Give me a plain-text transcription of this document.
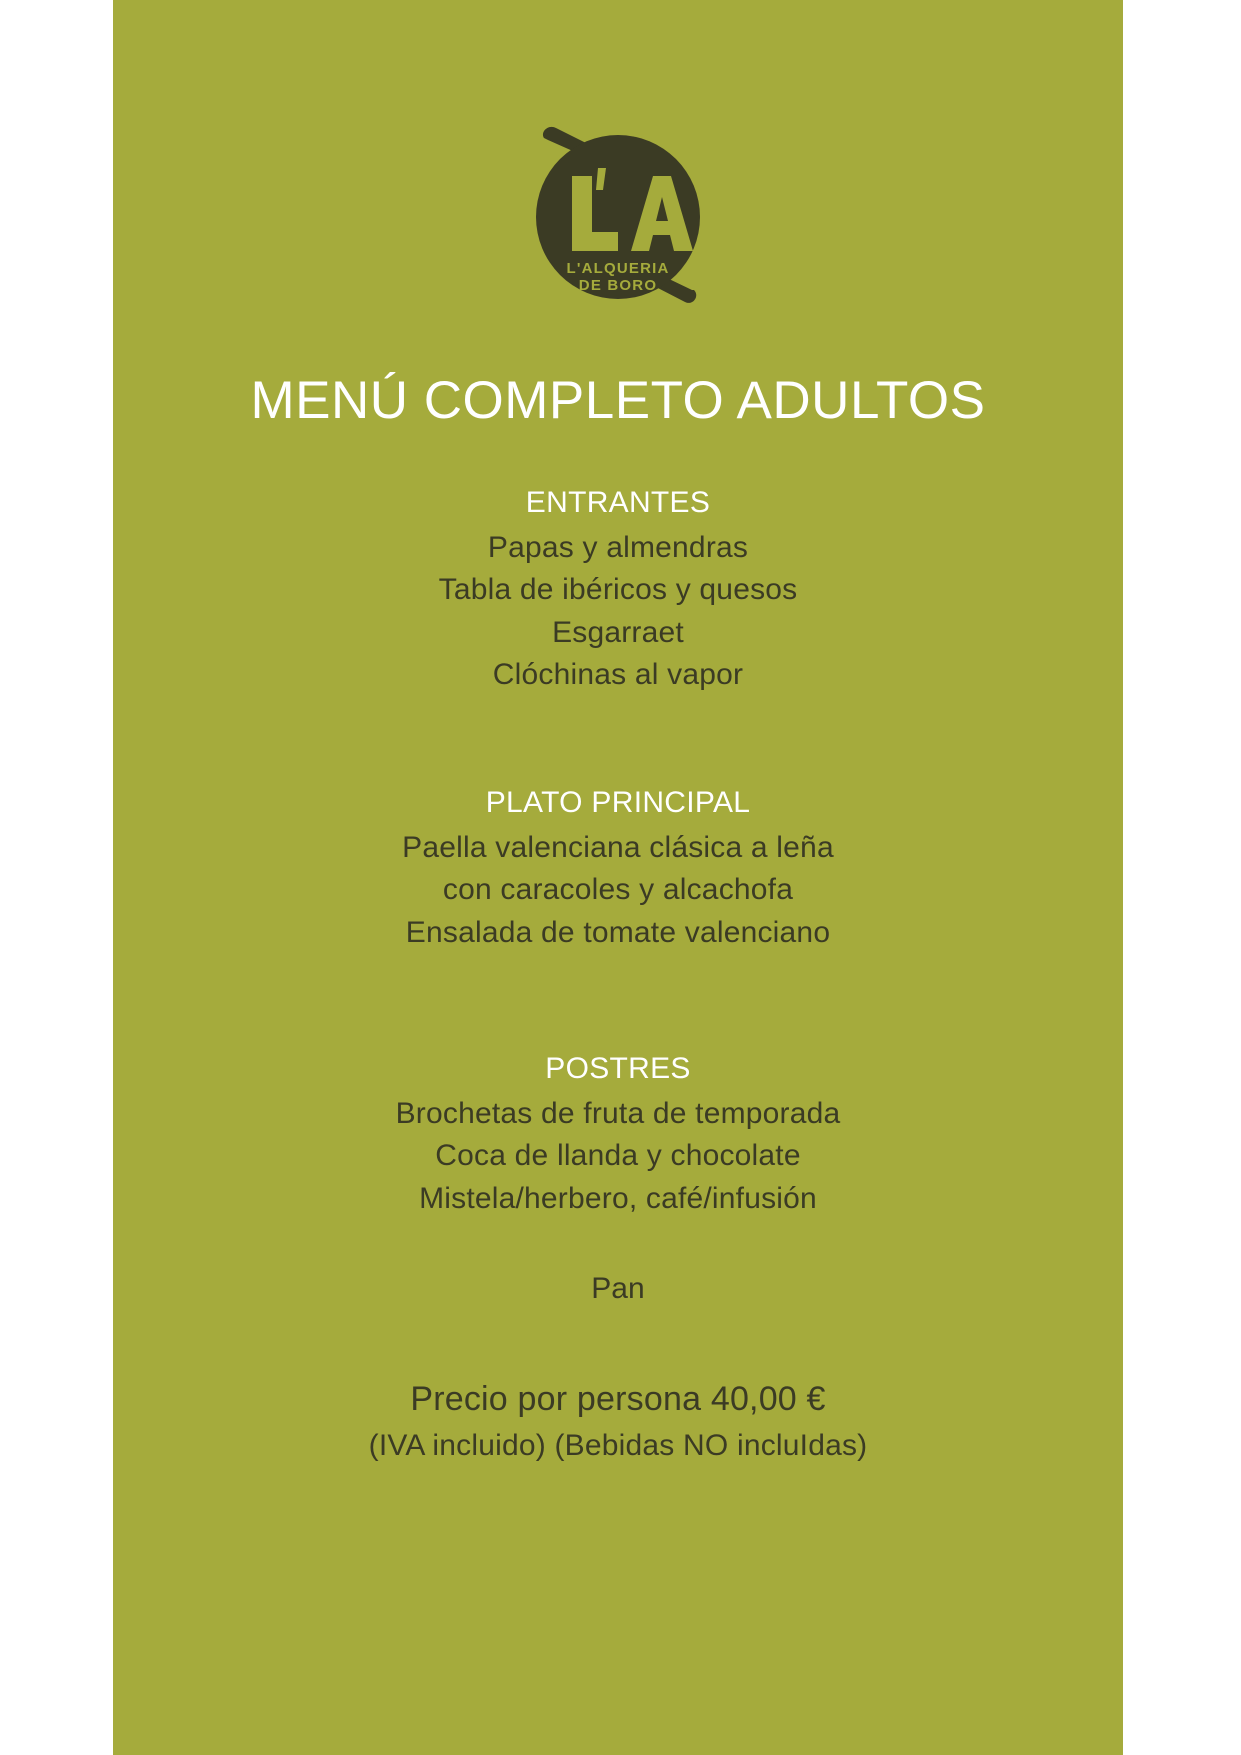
L'ALQUERIA
DE BORO
MENÚ COMPLETO ADULTOS
ENTRANTES
Papas y almendras
Tabla de ibéricos y quesos
Esgarraet
Clóchinas al vapor
PLATO PRINCIPAL
Paella valenciana clásica a leña
con caracoles y alcachofa
Ensalada de tomate valenciano
POSTRES
Brochetas de fruta de temporada
Coca de llanda y chocolate
Mistela/herbero, café/infusión
Pan
Precio por persona 40,00 €
(IVA incluido) (Bebidas NO incluIdas)
